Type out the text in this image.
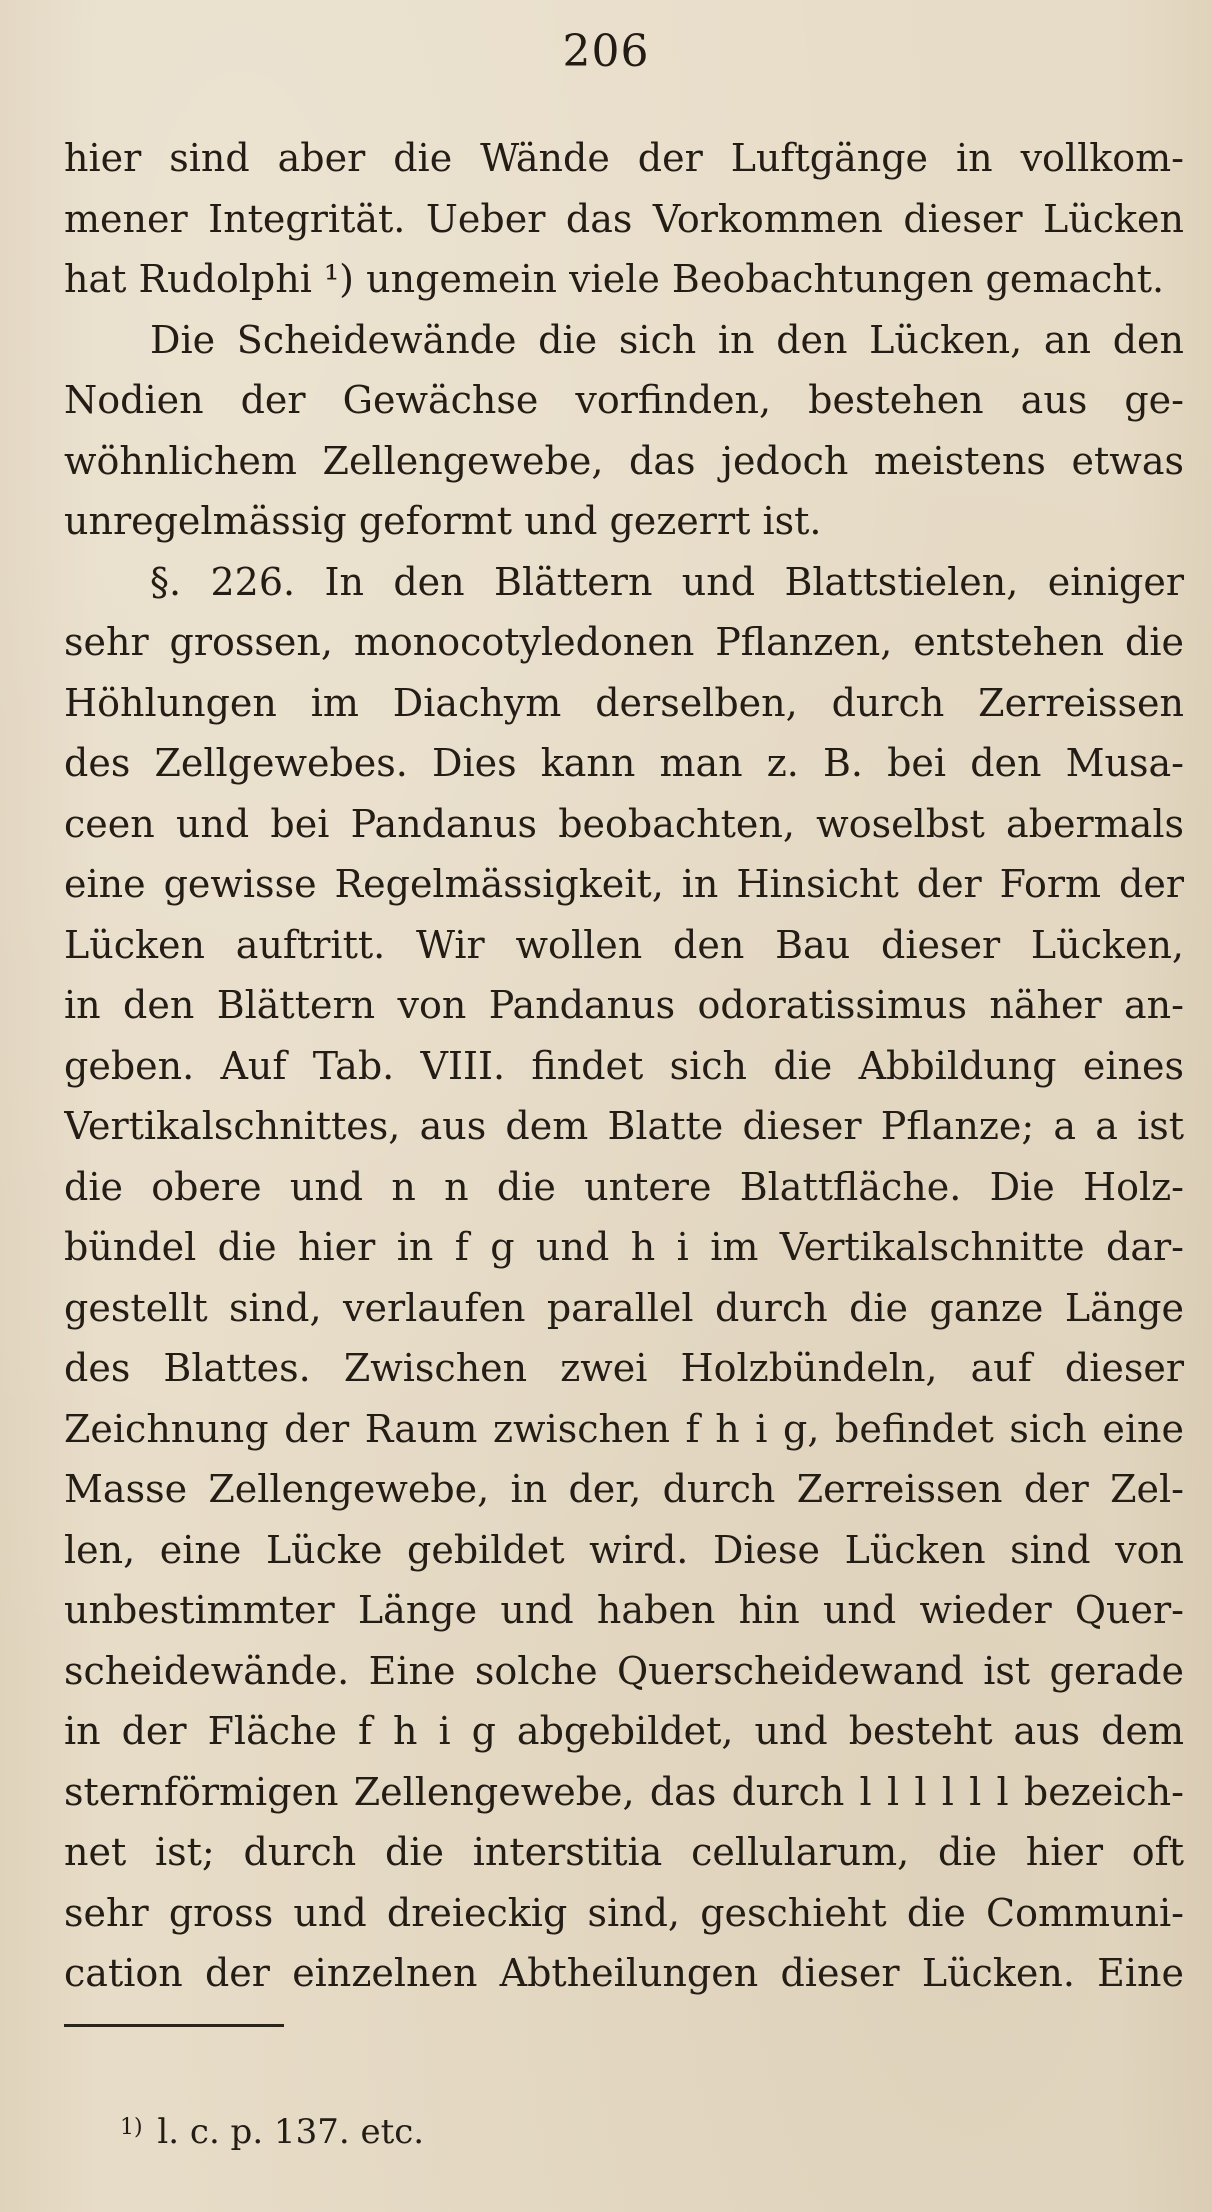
206
hier sind aber die Wände der Luftgänge in vollkom-
mener Integrität. Ueber das Vorkommen dieser Lücken
hat Rudolphi ¹) ungemein viele Beobachtungen gemacht.
Die Scheidewände die sich in den Lücken, an den
Nodien der Gewächse vorfinden, bestehen aus ge-
wöhnlichem Zellengewebe, das jedoch meistens etwas
unregelmässig geformt und gezerrt ist.
§. 226. In den Blättern und Blattstielen, einiger
sehr grossen, monocotyledonen Pflanzen, entstehen die
Höhlungen im Diachym derselben, durch Zerreissen
des Zellgewebes. Dies kann man z. B. bei den Musa-
ceen und bei Pandanus beobachten, woselbst abermals
eine gewisse Regelmässigkeit, in Hinsicht der Form der
Lücken auftritt. Wir wollen den Bau dieser Lücken,
in den Blättern von Pandanus odoratissimus näher an-
geben. Auf Tab. VIII. findet sich die Abbildung eines
Vertikalschnittes, aus dem Blatte dieser Pflanze; a a ist
die obere und n n die untere Blattfläche. Die Holz-
bündel die hier in f g und h i im Vertikalschnitte dar-
gestellt sind, verlaufen parallel durch die ganze Länge
des Blattes. Zwischen zwei Holzbündeln, auf dieser
Zeichnung der Raum zwischen f h i g, befindet sich eine
Masse Zellengewebe, in der, durch Zerreissen der Zel-
len, eine Lücke gebildet wird. Diese Lücken sind von
unbestimmter Länge und haben hin und wieder Quer-
scheidewände. Eine solche Querscheidewand ist gerade
in der Fläche f h i g abgebildet, und besteht aus dem
sternförmigen Zellengewebe, das durch l l l l l l bezeich-
net ist; durch die interstitia cellularum, die hier oft
sehr gross und dreieckig sind, geschieht die Communi-
cation der einzelnen Abtheilungen dieser Lücken. Eine
$^{1)}$ l. c. p. 137. etc.
